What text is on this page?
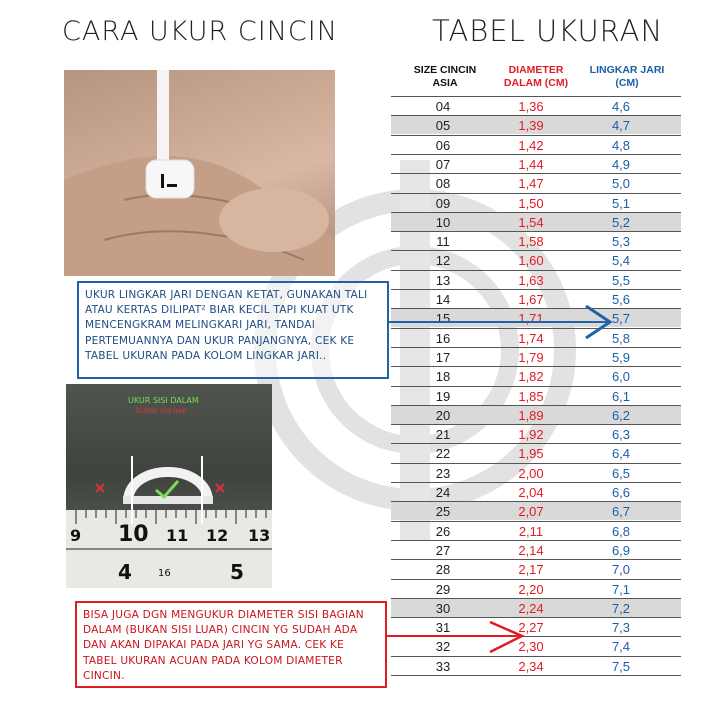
CARA UKUR CINCIN	TABEL UKURAN
UKUR SISI DALAM
bukan sisi luar
9 10 11 12 13
4	16	5
SIZE CINCIN ASIA
DIAMETER DALAM (CM)
LINGKAR JARI (CM)
04	1,36	4,6
05	1,39	4,7
06	1,42	4,8
07	1,44	4,9
08	1,47	5,0
09	1,50	5,1
10	1,54	5,2
11	1,58	5,3
12	1,60	5,4
13	1,63	5,5
14	1,67	5,6
15	1,71	5,7
16	1,74	5,8
17	1,79	5,9
18	1,82	6,0
19	1,85	6,1
20	1,89	6,2
21	1,92	6,3
22	1,95	6,4
23	2,00	6,5
24	2,04	6,6
25	2,07	6,7
26	2,11	6,8
27	2,14	6,9
28	2,17	7,0
29	2,20	7,1
30	2,24	7,2
31	2,27	7,3
32	2,30	7,4
33	2,34	7,5
UKUR LINGKAR JARI DENGAN KETAT, GUNAKAN TALI ATAU KERTAS DILIPAT² BIAR KECIL TAPI KUAT UTK MENCENGKRAM MELINGKARI JARI, TANDAI PERTEMUANNYA DAN UKUR PANJANGNYA, CEK KE TABEL UKURAN PADA KOLOM LINGKAR JARI..
BISA JUGA DGN MENGUKUR DIAMETER SISI BAGIAN DALAM (BUKAN SISI LUAR) CINCIN YG SUDAH ADA DAN AKAN DIPAKAI PADA JARI YG SAMA. CEK KE TABEL UKURAN ACUAN PADA KOLOM DIAMETER CINCIN.
